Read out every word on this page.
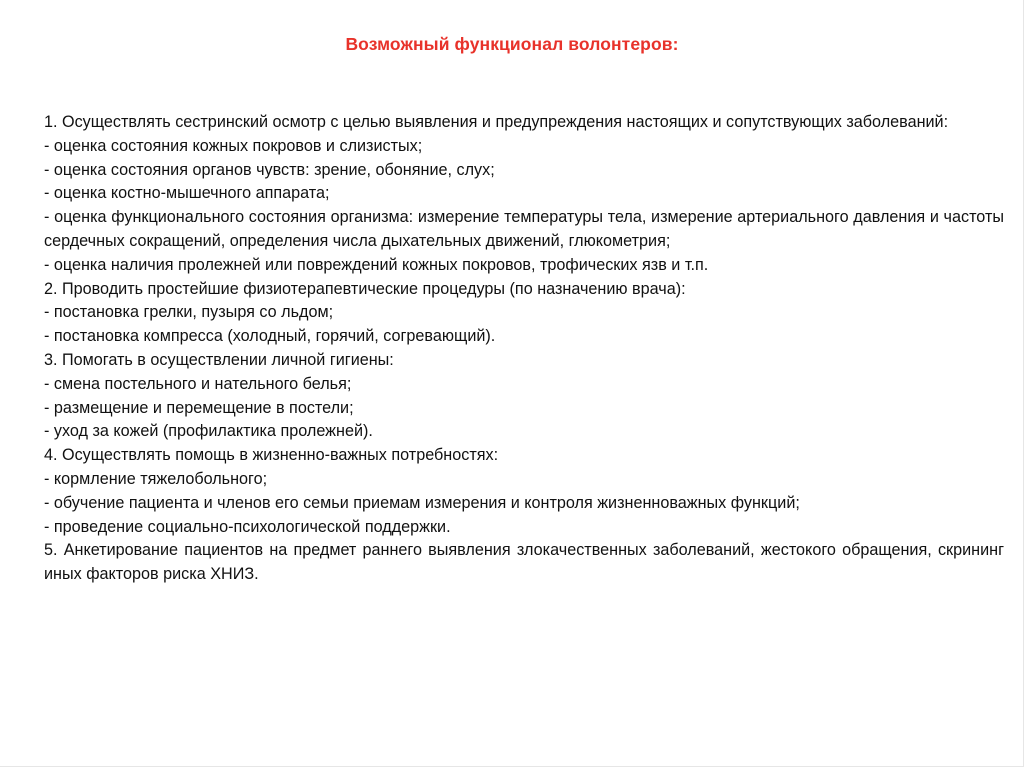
Возможный функционал волонтеров:
1. Осуществлять сестринский осмотр с целью выявления и предупреждения настоящих и сопутствующих заболеваний:
- оценка состояния кожных покровов и слизистых;
- оценка состояния органов чувств: зрение, обоняние, слух;
- оценка костно-мышечного аппарата;
- оценка функционального состояния организма: измерение температуры тела, измерение артериального давления и частоты сердечных сокращений, определения числа дыхательных движений, глюкометрия;
- оценка наличия пролежней или повреждений кожных покровов, трофических язв и т.п.
2. Проводить простейшие физиотерапевтические процедуры (по назначению врача):
- постановка грелки, пузыря со льдом;
- постановка компресса (холодный, горячий, согревающий).
3. Помогать в осуществлении личной гигиены:
- смена постельного и нательного белья;
- размещение и перемещение в постели;
- уход за кожей (профилактика пролежней).
4. Осуществлять помощь в жизненно-важных потребностях:
- кормление тяжелобольного;
- обучение пациента и членов его семьи приемам измерения и контроля жизненноважных функций;
- проведение социально-психологической поддержки.
5. Анкетирование пациентов на предмет раннего выявления злокачественных заболеваний, жестокого обращения, скрининг иных факторов риска ХНИЗ.
